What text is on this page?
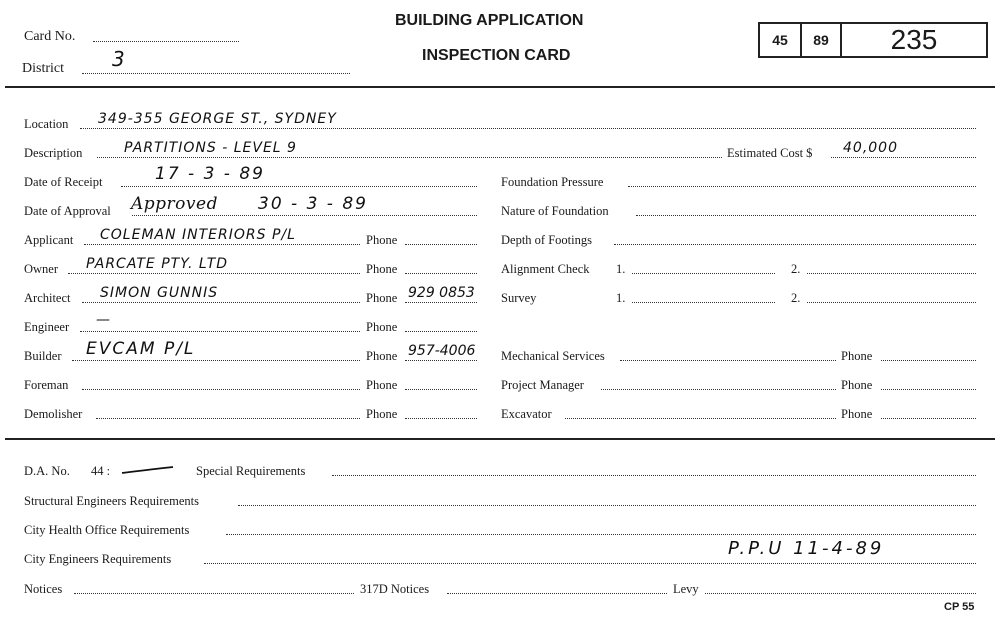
Card No.
District 3
BUILDING APPLICATION
INSPECTION CARD
45	89	235
Location 349-355 GEORGE ST., SYDNEY
Description	PARTITIONS - LEVEL 9	Estimated Cost $ 40,000
Date of Receipt	17 - 3 - 89
Date of Approval Approved 30 - 3 - 89
Applicant COLEMAN INTERIORS P/L	Phone
Owner PARCATE PTY. LTD	Phone
Architect SIMON GUNNIS	Phone 929 0853
Engineer —	Phone
Builder EVCAM P/L	Phone 957-4006
Foreman	Phone
Demolisher	Phone
Foundation Pressure
Nature of Foundation
Depth of Footings
Alignment Check 1.	2.
Survey	1.	2.
Mechanical Services	Phone
Project Manager	Phone
Excavator	Phone
D.A. No. 44 :	Special Requirements
Structural Engineers Requirements
City Health Office Requirements
City Engineers Requirements	P.P.U 11-4-89
Notices	317D Notices	Levy
CP 55
